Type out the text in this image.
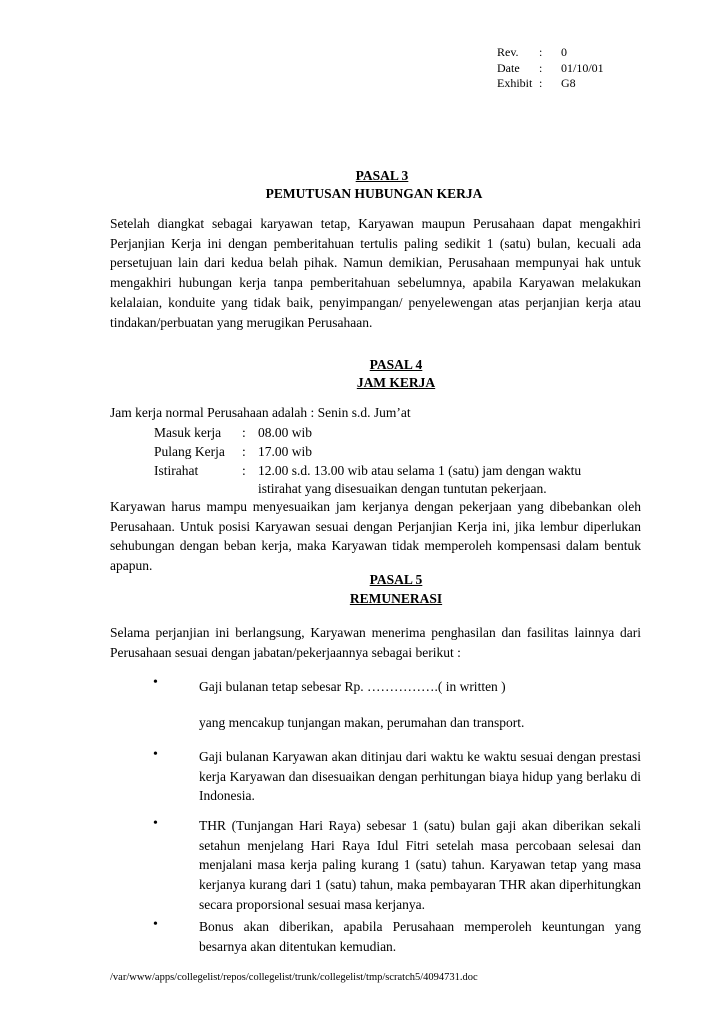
Rev.	:	0
Date	:	01/10/01
Exhibit :	G8
PASAL 3
PEMUTUSAN HUBUNGAN KERJA

Setelah diangkat sebagai karyawan tetap, Karyawan maupun Perusahaan dapat mengakhiri Perjanjian Kerja ini dengan pemberitahuan tertulis paling sedikit 1 (satu) bulan, kecuali ada persetujuan lain dari kedua belah pihak. Namun demikian, Perusahaan mempunyai hak untuk mengakhiri hubungan kerja tanpa pemberitahuan sebelumnya, apabila Karyawan melakukan kelalaian, konduite yang tidak baik, penyimpangan/ penyelewengan atas perjanjian kerja atau tindakan/perbuatan yang merugikan Perusahaan.

PASAL 4
JAM KERJA
Jam kerja normal Perusahaan adalah : Senin s.d. Jum’at
Masuk kerja : 08.00 wib
Pulang Kerja : 17.00 wib
Istirahat	: 12.00 s.d. 13.00 wib atau selama 1 (satu) jam dengan waktu
istirahat yang disesuaikan dengan tuntutan pekerjaan.

Karyawan harus mampu menyesuaikan jam kerjanya dengan pekerjaan yang dibebankan oleh Perusahaan. Untuk posisi Karyawan sesuai dengan Perjanjian Kerja ini, jika lembur diperlukan sehubungan dengan beban kerja, maka Karyawan tidak memperoleh kompensasi dalam bentuk apapun.

PASAL 5
REMUNERASI

Selama perjanjian ini berlangsung, Karyawan menerima penghasilan dan fasilitas lainnya dari Perusahaan sesuai dengan jabatan/pekerjaannya sebagai berikut :

•	Gaji bulanan tetap sebesar Rp. …………….( in written )
yang mencakup tunjangan makan, perumahan dan transport.
•	Gaji bulanan Karyawan akan ditinjau dari waktu ke waktu sesuai dengan prestasi kerja Karyawan dan disesuaikan dengan perhitungan biaya hidup yang berlaku di Indonesia.

•	THR (Tunjangan Hari Raya) sebesar 1 (satu) bulan gaji akan diberikan sekali setahun menjelang Hari Raya Idul Fitri setelah masa percobaan selesai dan menjalani masa kerja paling kurang 1 (satu) tahun. Karyawan tetap yang masa kerjanya kurang dari 1 (satu) tahun, maka pembayaran THR akan diperhitungkan secara proporsional sesuai masa kerjanya.

•	Bonus akan diberikan, apabila Perusahaan memperoleh keuntungan yang besarnya akan ditentukan kemudian.

/var/www/apps/collegelist/repos/collegelist/trunk/collegelist/tmp/scratch5/4094731.doc
